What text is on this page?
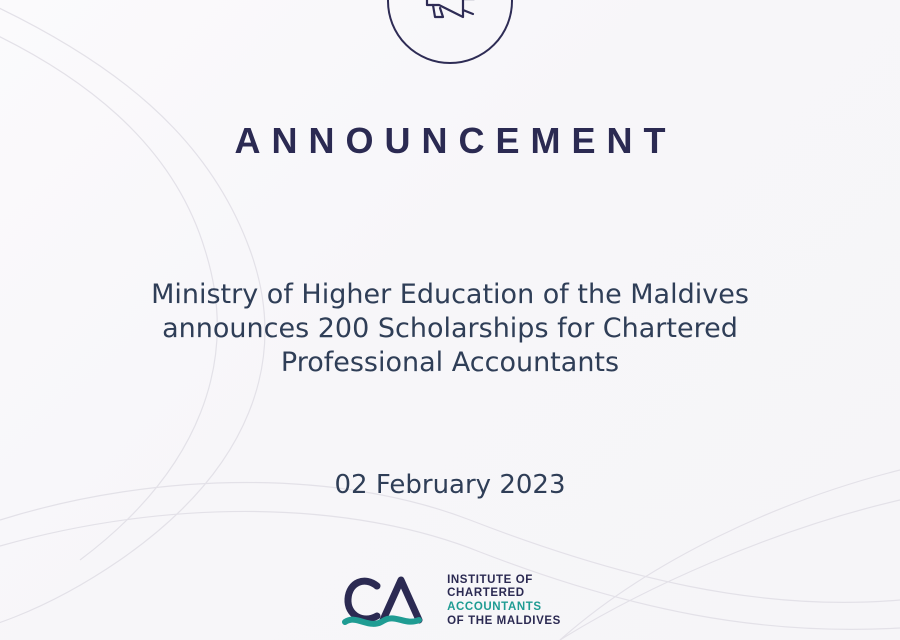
ANNOUNCEMENT
Ministry of Higher Education of the Maldives
announces 200 Scholarships for Chartered
Professional Accountants
02 February 2023
INSTITUTE OF
CHARTERED
ACCOUNTANTS
OF THE MALDIVES
